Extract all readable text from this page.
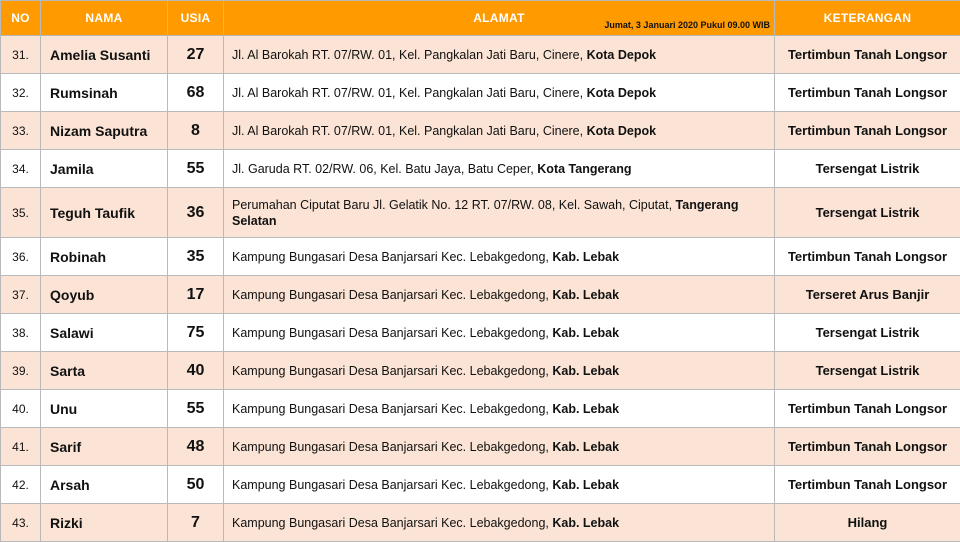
NO	NAMA	USIA	ALAMAT Jumat, 3 Januari 2020 Pukul 09.00 WIB	KETERANGAN

31.	Amelia Susanti	27	Jl. Al Barokah RT. 07/RW. 01, Kel. Pangkalan Jati Baru, Cinere, Kota Depok	Tertimbun Tanah Longsor
32.	Rumsinah	68	Jl. Al Barokah RT. 07/RW. 01, Kel. Pangkalan Jati Baru, Cinere, Kota Depok	Tertimbun Tanah Longsor
33.	Nizam Saputra	8	Jl. Al Barokah RT. 07/RW. 01, Kel. Pangkalan Jati Baru, Cinere, Kota Depok	Tertimbun Tanah Longsor
34.	Jamila	55	Jl. Garuda RT. 02/RW. 06, Kel. Batu Jaya, Batu Ceper, Kota Tangerang	Tersengat Listrik
35.	Teguh Taufik	36	Perumahan Ciputat Baru Jl. Gelatik No. 12 RT. 07/RW. 08, Kel. Sawah, Ciputat, Tangerang Selatan	Tersengat Listrik
36.	Robinah	35	Kampung Bungasari Desa Banjarsari Kec. Lebakgedong, Kab. Lebak	Tertimbun Tanah Longsor
37.	Qoyub	17	Kampung Bungasari Desa Banjarsari Kec. Lebakgedong, Kab. Lebak	Terseret Arus Banjir
38.	Salawi	75	Kampung Bungasari Desa Banjarsari Kec. Lebakgedong, Kab. Lebak	Tersengat Listrik
39.	Sarta	40	Kampung Bungasari Desa Banjarsari Kec. Lebakgedong, Kab. Lebak	Tersengat Listrik
40.	Unu	55	Kampung Bungasari Desa Banjarsari Kec. Lebakgedong, Kab. Lebak	Tertimbun Tanah Longsor
41.	Sarif	48	Kampung Bungasari Desa Banjarsari Kec. Lebakgedong, Kab. Lebak	Tertimbun Tanah Longsor
42.	Arsah	50	Kampung Bungasari Desa Banjarsari Kec. Lebakgedong, Kab. Lebak	Tertimbun Tanah Longsor
43.	Rizki	7	Kampung Bungasari Desa Banjarsari Kec. Lebakgedong, Kab. Lebak	Hilang
